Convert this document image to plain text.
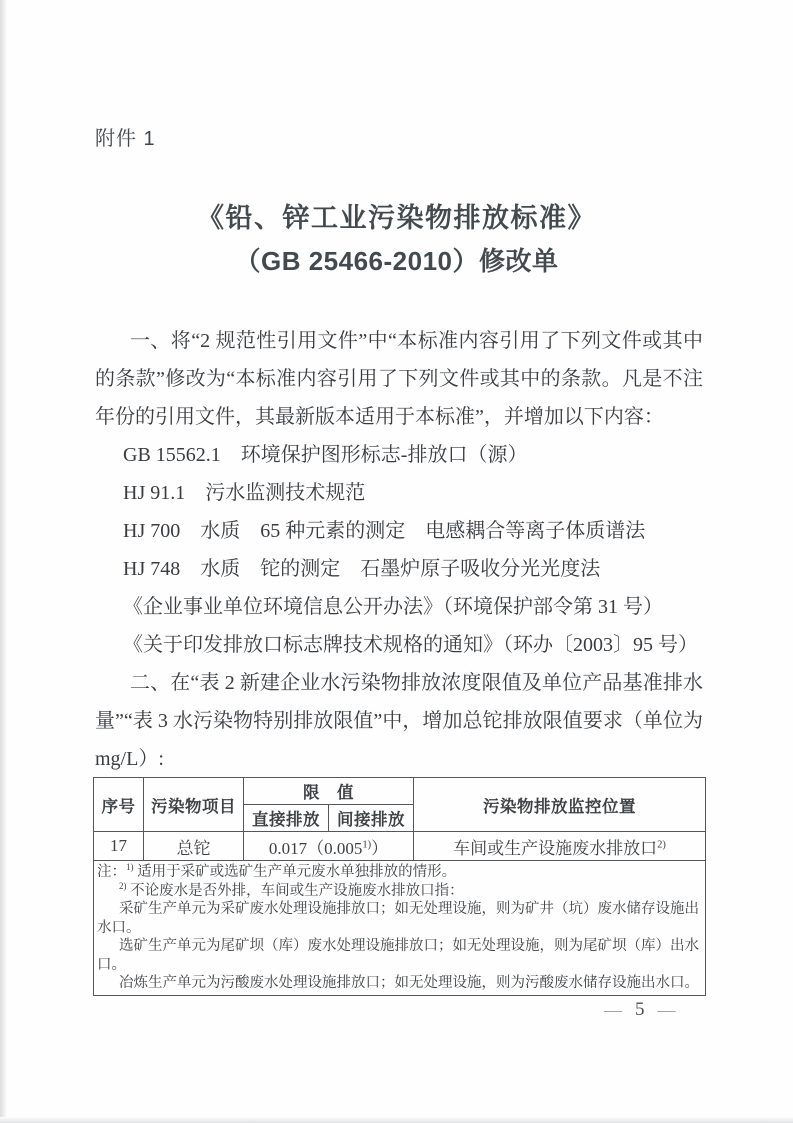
附件 1
《铅、锌工业污染物排放标准》
（GB 25466-2010）修改单

一、将“2 规范性引用文件”中“本标准内容引用了下列文件或其中的条款”修改为“本标准内容引用了下列文件或其中的条款。凡是不注年份的引用文件，其最新版本适用于本标准”，并增加以下内容：

GB 15562.1　环境保护图形标志-排放口（源）
HJ 91.1　污水监测技术规范
HJ 700　水质　65 种元素的测定　电感耦合等离子体质谱法
HJ 748　水质　铊的测定　石墨炉原子吸收分光光度法
《企业事业单位环境信息公开办法》（环境保护部令第 31 号）
《关于印发排放口标志牌技术规格的通知》（环办〔2003〕95 号）

二、在“表 2 新建企业水污染物排放浓度限值及单位产品基准排水量”“表 3 水污染物特别排放限值”中，增加总铊排放限值要求（单位为 mg/L）:

序号	污染物项目	限　值		污染物排放监控位置
		直接排放	间接排放	
17	总铊	0.017（0.005$^{1)}$）		车间或生产设施废水排放口$^{2)}$

注：$^{1)}$ 适用于采矿或选矿生产单元废水单独排放的情形。

$^{2)}$ 不论废水是否外排，车间或生产设施废水排放口指：

采矿生产单元为采矿废水处理设施排放口；如无处理设施，则为矿井（坑）废水储存设施出水口。

选矿生产单元为尾矿坝（库）废水处理设施排放口；如无处理设施，则为尾矿坝（库）出水口。

冶炼生产单元为污酸废水处理设施排放口；如无处理设施，则为污酸废水储存设施出水口。				

— 5 —
